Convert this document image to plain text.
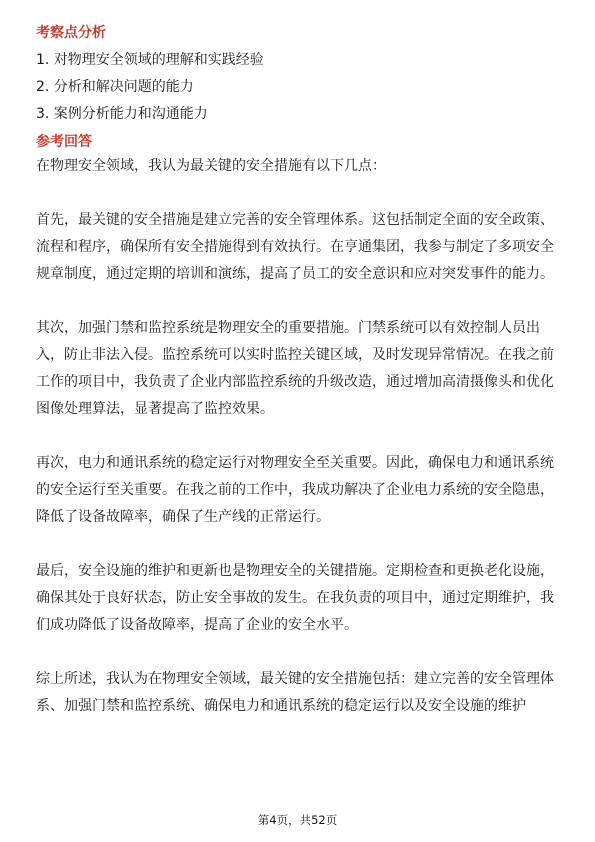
考察点分析

1. 对物理安全领域的理解和实践经验

2. 分析和解决问题的能力

3. 案例分析能力和沟通能力

参考回答

在物理安全领域，我认为最关键的安全措施有以下几点：

首先，最关键的安全措施是建立完善的安全管理体系。这包括制定全面的安全政策、流程和程序，确保所有安全措施得到有效执行。在亨通集团，我参与制定了多项安全规章制度，通过定期的培训和演练，提高了员工的安全意识和应对突发事件的能力。

其次，加强门禁和监控系统是物理安全的重要措施。门禁系统可以有效控制人员出入，防止非法入侵。监控系统可以实时监控关键区域，及时发现异常情况。在我之前工作的项目中，我负责了企业内部监控系统的升级改造，通过增加高清摄像头和优化图像处理算法，显著提高了监控效果。

再次，电力和通讯系统的稳定运行对物理安全至关重要。因此，确保电力和通讯系统的安全运行至关重要。在我之前的工作中，我成功解决了企业电力系统的安全隐患，降低了设备故障率，确保了生产线的正常运行。

最后，安全设施的维护和更新也是物理安全的关键措施。定期检查和更换老化设施，确保其处于良好状态，防止安全事故的发生。在我负责的项目中，通过定期维护，我们成功降低了设备故障率，提高了企业的安全水平。

综上所述，我认为在物理安全领域，最关键的安全措施包括：建立完善的安全管理体系、加强门禁和监控系统、确保电力和通讯系统的稳定运行以及安全设施的维护

第4页，共52页
